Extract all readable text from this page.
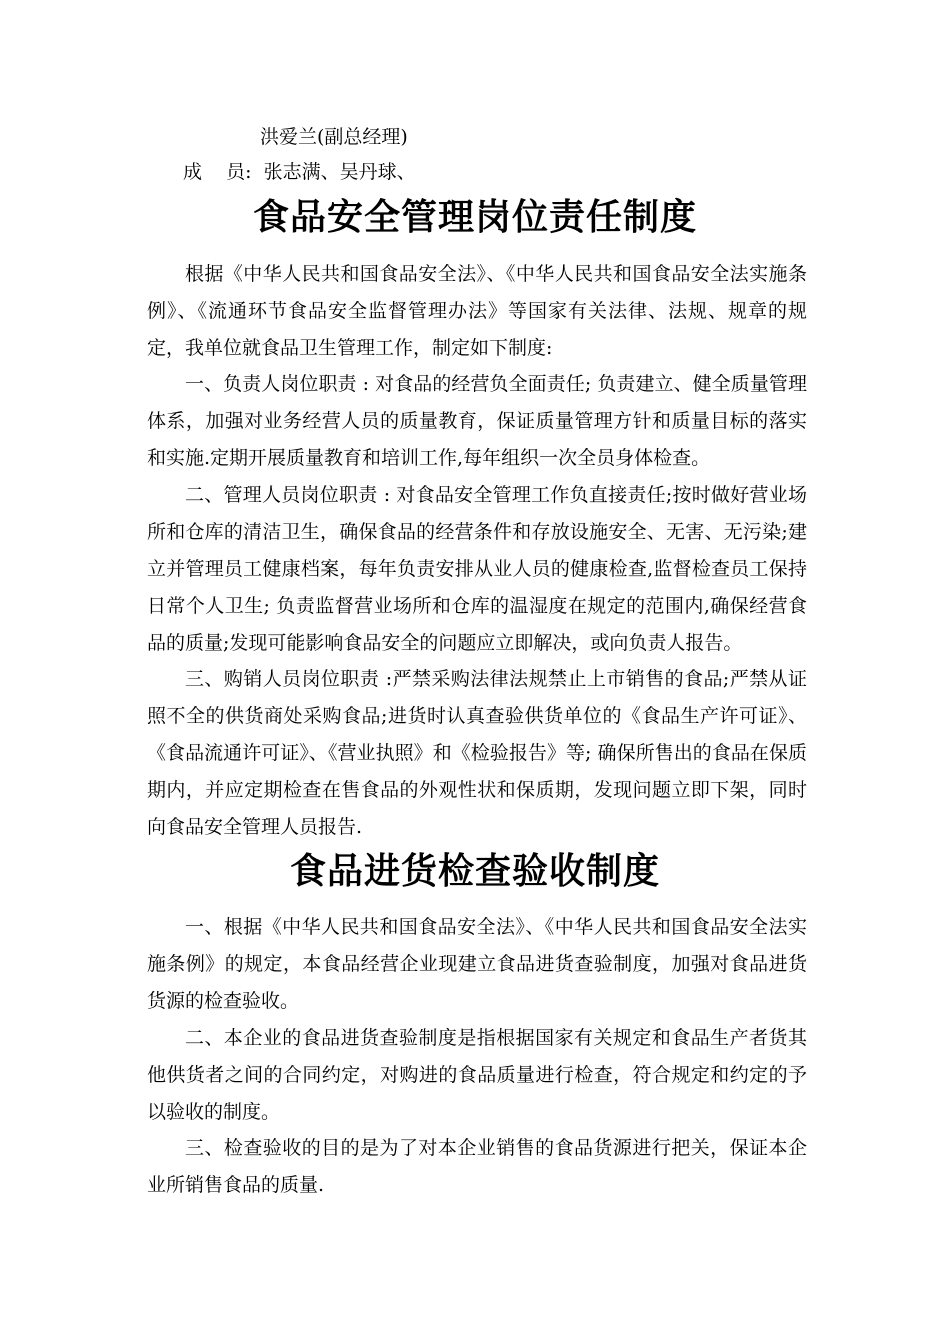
洪爱兰(副总经理)
成    员:  张志满、吴丹球、
食品安全管理岗位责任制度

根据《中华人民共和国食品安全法》、《中华人民共和国食品安全法实施条例》、《流通环节食品安全监督管理办法》等国家有关法律、法规、规章的规定，我单位就食品卫生管理工作，制定如下制度:

一、负责人岗位职责 : 对食品的经营负全面责任; 负责建立、健全质量管理体系，加强对业务经营人员的质量教育，保证质量管理方针和质量目标的落实和实施.定期开展质量教育和培训工作,每年组织一次全员身体检查。

二、管理人员岗位职责 : 对食品安全管理工作负直接责任;按时做好营业场所和仓库的清洁卫生，确保食品的经营条件和存放设施安全、无害、无污染;建立并管理员工健康档案，每年负责安排从业人员的健康检查,监督检查员工保持日常个人卫生; 负责监督营业场所和仓库的温湿度在规定的范围内,确保经营食品的质量;发现可能影响食品安全的问题应立即解决，或向负责人报告。

三、购销人员岗位职责 :严禁采购法律法规禁止上市销售的食品;严禁从证照不全的供货商处采购食品;进货时认真查验供货单位的《食品生产许可证》、《食品流通许可证》、《营业执照》和《检验报告》等; 确保所售出的食品在保质期内，并应定期检查在售食品的外观性状和保质期，发现问题立即下架，同时向食品安全管理人员报告.

食品进货检查验收制度

一、根据《中华人民共和国食品安全法》、《中华人民共和国食品安全法实施条例》的规定，本食品经营企业现建立食品进货查验制度，加强对食品进货货源的检查验收。

二、本企业的食品进货查验制度是指根据国家有关规定和食品生产者货其他供货者之间的合同约定，对购进的食品质量进行检查，符合规定和约定的予以验收的制度。

三、检查验收的目的是为了对本企业销售的食品货源进行把关，保证本企业所销售食品的质量.
